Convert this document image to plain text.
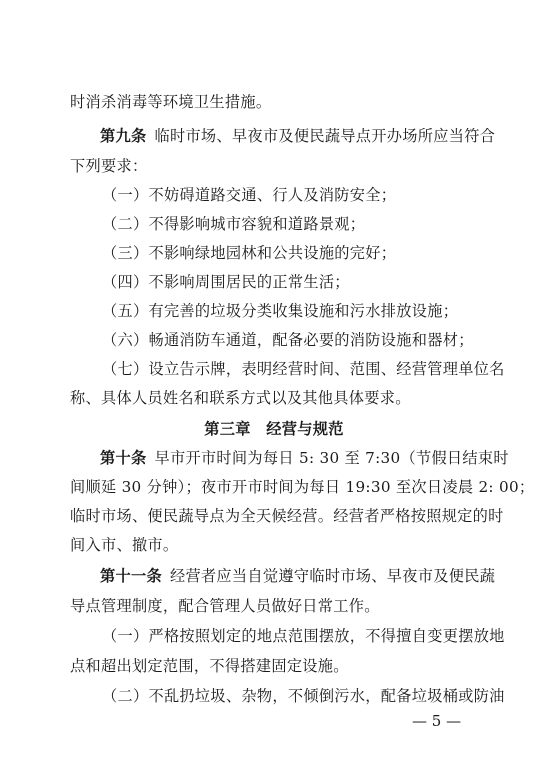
时消杀消毒等环境卫生措施。
第九条 临时市场、早夜市及便民蔬导点开办场所应当符合
下列要求：
（一）不妨碍道路交通、行人及消防安全；
（二）不得影响城市容貌和道路景观；
（三）不影响绿地园林和公共设施的完好；
（四）不影响周围居民的正常生活；
（五）有完善的垃圾分类收集设施和污水排放设施；
（六）畅通消防车通道，配备必要的消防设施和器材；
（七）设立告示牌，表明经营时间、范围、经营管理单位名
称、具体人员姓名和联系方式以及其他具体要求。
第三章　经营与规范
第十条 早市开市时间为每日 5: 30 至 7:30（节假日结束时
间顺延 30 分钟）；夜市开市时间为每日 19:30 至次日凌晨 2: 00；
临时市场、便民蔬导点为全天候经营。经营者严格按照规定的时
间入市、撤市。
第十一条 经营者应当自觉遵守临时市场、早夜市及便民蔬
导点管理制度，配合管理人员做好日常工作。
（一）严格按照划定的地点范围摆放，不得擅自变更摆放地
点和超出划定范围，不得搭建固定设施。
（二）不乱扔垃圾、杂物，不倾倒污水，配备垃圾桶或防油
— 5 —
